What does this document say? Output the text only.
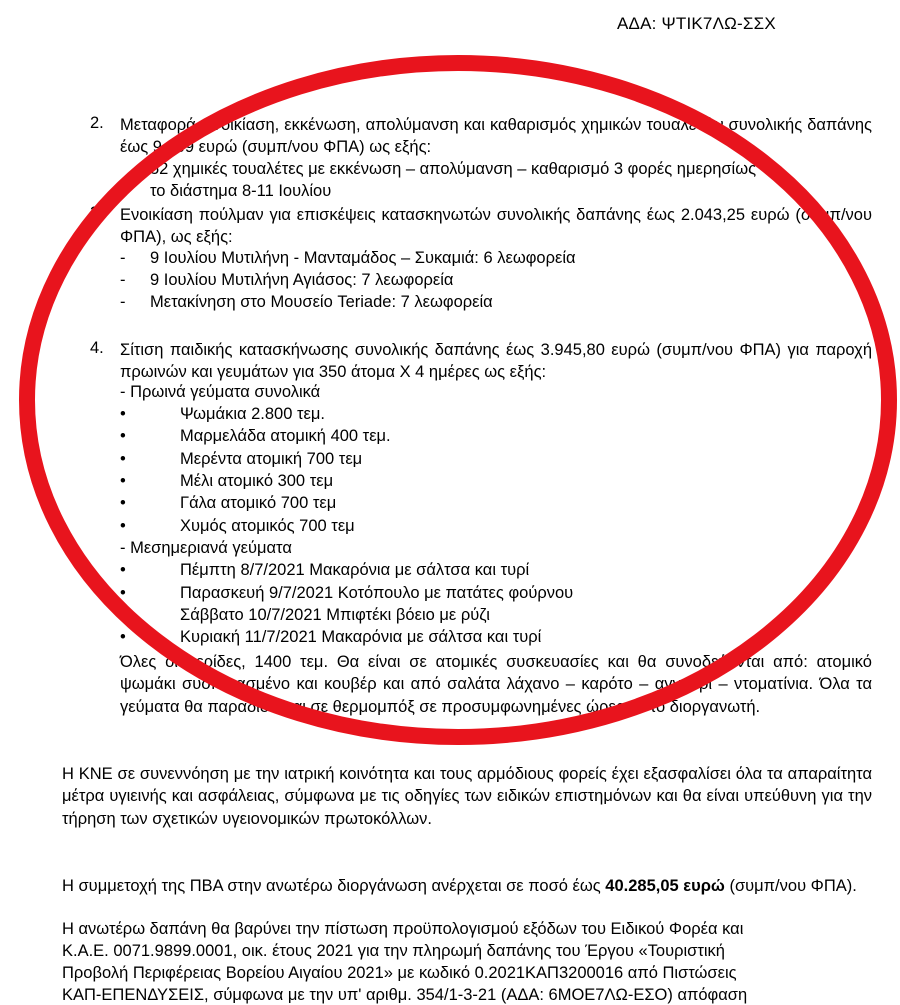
ΑΔΑ: ΨΤΙΚ7ΛΩ-ΣΣΧ
2. Μεταφορά, ενοικίαση, εκκένωση, απολύμανση και καθαρισμός χημικών τουαλετών συνολικής δαπάνης έως 9.009 ευρώ (συμπ/νου ΦΠΑ) ως εξής:
52 χημικές τουαλέτες με εκκένωση – απολύμανση – καθαρισμό 3 φορές ημερησίως
το διάστημα 8-11 Ιουλίου
3. Ενοικίαση πούλμαν για επισκέψεις κατασκηνωτών συνολικής δαπάνης έως 2.043,25 ευρώ (συμπ/νου ΦΠΑ), ως εξής:
- 9 Ιουλίου Μυτιλήνη - Μανταμάδος – Συκαμιά: 6 λεωφορεία
- 9 Ιουλίου Μυτιλήνη Αγιάσος: 7 λεωφορεία
- Μετακίνηση στο Μουσείο Teriade: 7 λεωφορεία
4. Σίτιση παιδικής κατασκήνωσης συνολικής δαπάνης έως 3.945,80 ευρώ (συμπ/νου ΦΠΑ) για παροχή πρωινών και γευμάτων για 350 άτομα Χ 4 ημέρες ως εξής:
- Πρωινά γεύματα συνολικά
•	Ψωμάκια 2.800 τεμ.
•	Μαρμελάδα ατομική 400 τεμ.
•	Μερέντα ατομική 700 τεμ
•	Μέλι ατομικό 300 τεμ
•	Γάλα ατομικό 700 τεμ
•	Χυμός ατομικός 700 τεμ
- Μεσημεριανά γεύματα
•	Πέμπτη 8/7/2021 Μακαρόνια με σάλτσα και τυρί
•	Παρασκευή 9/7/2021 Κοτόπουλο με πατάτες φούρνου
•	Σάββατο 10/7/2021 Μπιφτέκι βόειο με ρύζι
•	Κυριακή 11/7/2021 Μακαρόνια με σάλτσα και τυρί
Όλες οι μερίδες, 1400 τεμ. Θα είναι σε ατομικές συσκευασίες και θα συνοδεύονται από: ατομικό ψωμάκι συσκευασμένο και κουβέρ και από σαλάτα λάχανο – καρότο – αγγούρι – ντοματίνια. Όλα τα γεύματα θα παραδίδονται σε θερμομπόξ σε προσυμφωνημένες ώρες με το διοργανωτή.
Η ΚΝΕ σε συνεννόηση με την ιατρική κοινότητα και τους αρμόδιους φορείς έχει εξασφαλίσει όλα τα απαραίτητα μέτρα υγιεινής και ασφάλειας, σύμφωνα με τις οδηγίες των ειδικών επιστημόνων και θα είναι υπεύθυνη για την τήρηση των σχετικών υγειονομικών πρωτοκόλλων.
Η συμμετοχή της ΠΒΑ στην ανωτέρω διοργάνωση ανέρχεται σε ποσό έως 40.285,05 ευρώ (συμπ/νου ΦΠΑ).
Η ανωτέρω δαπάνη θα βαρύνει την πίστωση προϋπολογισμού εξόδων του Ειδικού Φορέα και
Κ.Α.Ε. 0071.9899.0001, οικ. έτους 2021 για την πληρωμή δαπάνης του Έργου «Τουριστική
Προβολή Περιφέρειας Βορείου Αιγαίου 2021» με κωδικό 0.2021ΚΑΠ3200016 από Πιστώσεις
ΚΑΠ-ΕΠΕΝΔΥΣΕΙΣ, σύμφωνα με την υπ' αριθμ. 354/1-3-21 (ΑΔΑ: 6ΜΟΕ7ΛΩ-ΕΣΟ) απόφαση
